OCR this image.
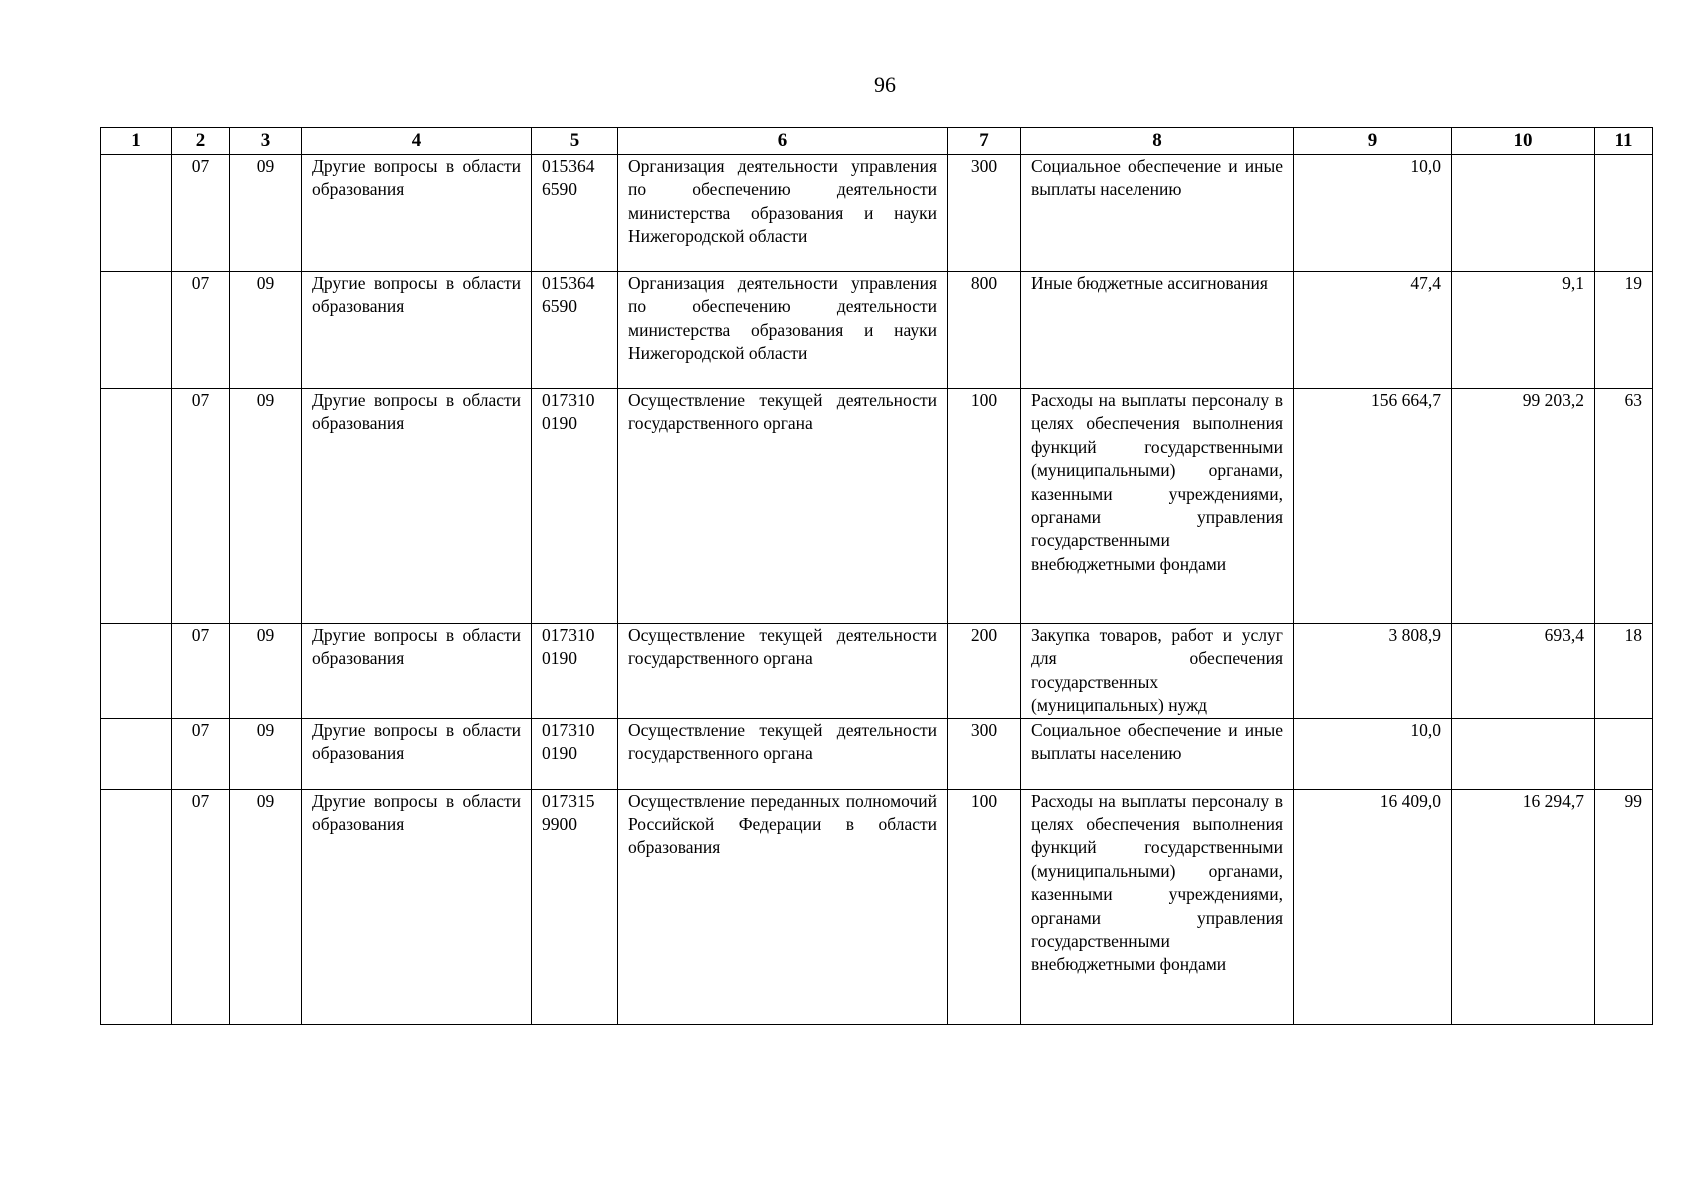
96
1	2	3	4	5	6	7	8	9	10	11
	07	09	Другие вопросы в области образования	015364 6590	Организация деятельности управления по обеспечению деятельности министерства образования и науки Нижегородской области	300	Социальное обеспечение и иные выплаты населению	10,0		
	07	09	Другие вопросы в области образования	015364 6590	Организация деятельности управления по обеспечению деятельности министерства образования и науки Нижегородской области	800	Иные бюджетные ассигнования	47,4	9,1	19
	07	09	Другие вопросы в области образования	017310 0190	Осуществление текущей деятельности государственного органа	100	Расходы на выплаты персоналу в целях обеспечения выполнения функций государственными (муниципальными) органами, казенными учреждениями, органами управления государственными внебюджетными фондами	156 664,7	99 203,2	63
	07	09	Другие вопросы в области образования	017310 0190	Осуществление текущей деятельности государственного органа	200	Закупка товаров, работ и услуг для обеспечения государственных (муниципальных) нужд	3 808,9	693,4	18
	07	09	Другие вопросы в области образования	017310 0190	Осуществление текущей деятельности государственного органа	300	Социальное обеспечение и иные выплаты населению	10,0		
	07	09	Другие вопросы в области образования	017315 9900	Осуществление переданных полномочий Российской Федерации в области образования	100	Расходы на выплаты персоналу в целях обеспечения выполнения функций государственными (муниципальными) органами, казенными учреждениями, органами управления государственными внебюджетными фондами	16 409,0	16 294,7	99
